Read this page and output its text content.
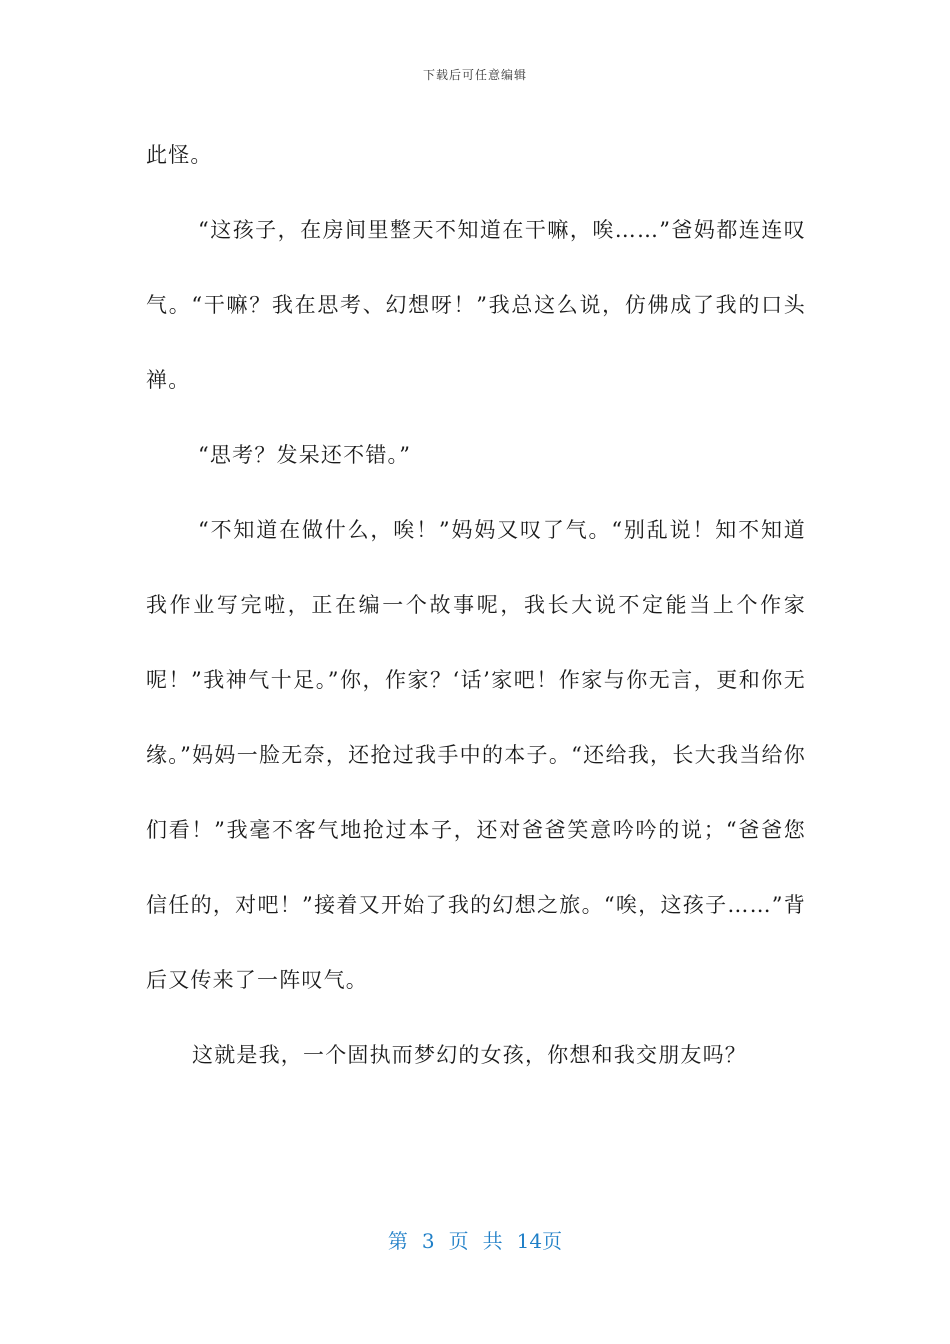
下载后可任意编辑

此怪。

“这孩子，在房间里整天不知道在干嘛，唉……”爸妈都连连叹气。“干嘛？我在思考、幻想呀！”我总这么说，仿佛成了我的口头禅。

“思考？发呆还不错。”

“不知道在做什么，唉！”妈妈又叹了气。“别乱说！知不知道我作业写完啦，正在编一个故事呢，我长大说不定能当上个作家呢！”我神气十足。”你，作家？‘话’家吧！作家与你无言，更和你无缘。”妈妈一脸无奈，还抢过我手中的本子。“还给我，长大我当给你们看！”我毫不客气地抢过本子，还对爸爸笑意吟吟的说；“爸爸您信任的，对吧！”接着又开始了我的幻想之旅。“唉，这孩子……”背后又传来了一阵叹气。

这就是我，一个固执而梦幻的女孩，你想和我交朋友吗？

第 3 页 共 14页
